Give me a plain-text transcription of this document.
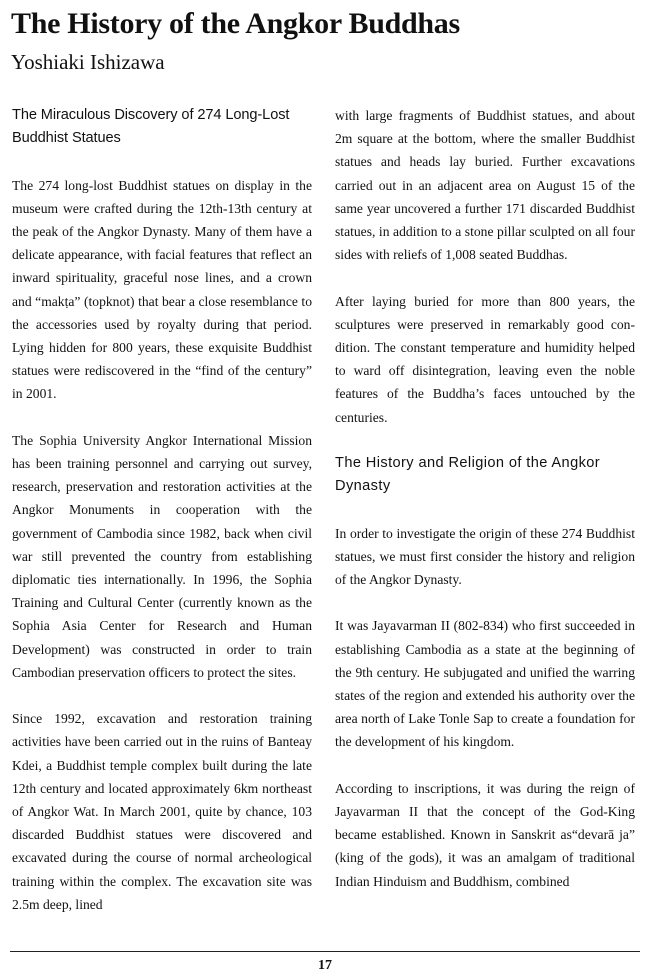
The History of the Angkor Buddhas
Yoshiaki Ishizawa
The Miraculous Discovery of 274 Long-Lost Buddhist Statues

The 274 long-lost Buddhist statues on display in the museum were crafted during the 12th-13th century at the peak of the Angkor Dynasty. Many of them have a delicate appearance, with facial features that reflect an inward spirituality, graceful nose lines, and a crown and “makṭa” (topknot) that bear a close resemblance to the accessories used by royalty during that period. Lying hidden for 800 years, these exquisite Buddhist statues were rediscovered in the “find of the century” in 2001.

The Sophia University Angkor International Mission has been training personnel and carrying out survey, research, preservation and restoration activities at the Angkor Monuments in cooperation with the government of Cambodia since 1982, back when civil war still prevented the country from establishing diplomatic ties internationally. In 1996, the Sophia Training and Cultural Center (currently known as the Sophia Asia Center for Research and Human Development) was constructed in order to train Cambodian preservation officers to protect the sites.

Since 1992, excavation and restoration training activities have been carried out in the ruins of Banteay Kdei, a Buddhist temple complex built during the late 12th century and located approximately 6km northeast of Angkor Wat. In March 2001, quite by chance, 103 discarded Buddhist statues were discovered and excavated during the course of normal archeological training within the complex. The excavation site was 2.5m deep, lined

with large fragments of Buddhist statues, and about 2m square at the bottom, where the smaller Buddhist statues and heads lay buried. Further excavations carried out in an adjacent area on August 15 of the same year uncovered a further 171 discarded Buddhist statues, in addition to a stone pillar sculpted on all four sides with reliefs of 1,008 seated Buddhas.

After laying buried for more than 800 years, the sculptures were preserved in remarkably good condition. The constant temperature and humidity helped to ward off disintegration, leaving even the noble features of the Buddha’s faces untouched by the centuries.

The History and Religion of the Angkor Dynasty

In order to investigate the origin of these 274 Buddhist statues, we must first consider the history and religion of the Angkor Dynasty.

It was Jayavarman II (802-834) who first succeeded in establishing Cambodia as a state at the beginning of the 9th century. He subjugated and unified the warring states of the region and extended his authority over the area north of Lake Tonle Sap to create a foundation for the development of his kingdom.

According to inscriptions, it was during the reign of Jayavarman II that the concept of the God-King became established. Known in Sanskrit as“devarā ja” (king of the gods), it was an amalgam of traditional Indian Hinduism and Buddhism, combined

17
